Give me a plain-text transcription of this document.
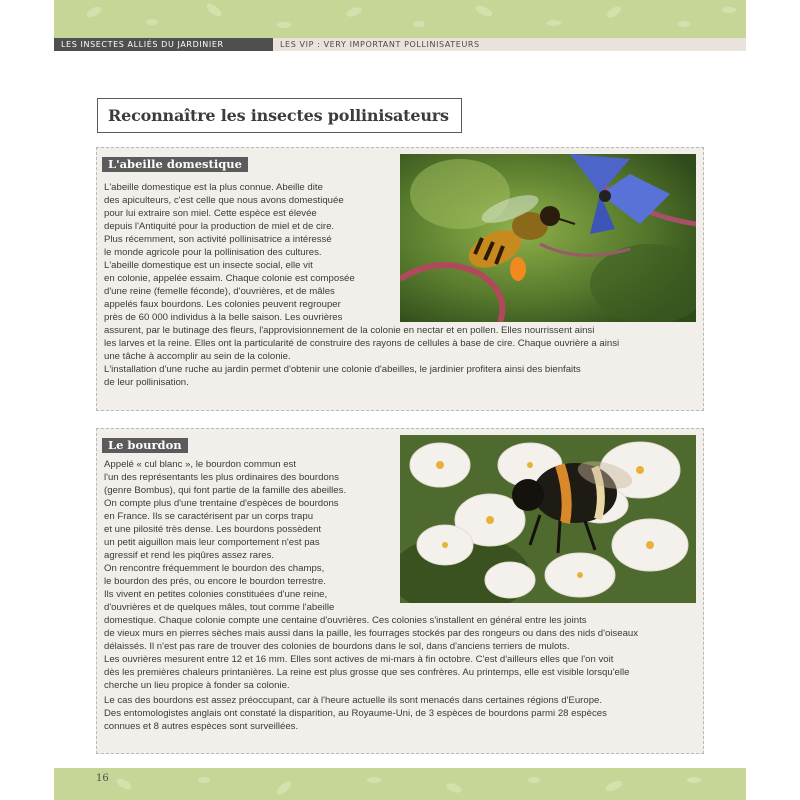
LES INSECTES ALLIÉS DU JARDINIER	LES VIP : VERY IMPORTANT POLLINISATEURS
Reconnaître les insectes pollinisateurs
L'abeille domestique
L'abeille domestique est la plus connue. Abeille dite
des apiculteurs, c'est celle que nous avons domestiquée
pour lui extraire son miel. Cette espèce est élevée
depuis l'Antiquité pour la production de miel et de cire.
Plus récemment, son activité pollinisatrice a intéressé
le monde agricole pour la pollinisation des cultures.
L'abeille domestique est un insecte social, elle vit
en colonie, appelée essaim. Chaque colonie est composée
d'une reine (femelle féconde), d'ouvrières, et de mâles
appelés faux bourdons. Les colonies peuvent regrouper
près de 60 000 individus à la belle saison. Les ouvrières
assurent, par le butinage des fleurs, l'approvisionnement de la colonie en nectar et en pollen. Elles nourrissent ainsi
les larves et la reine. Elles ont la particularité de construire des rayons de cellules à base de cire. Chaque ouvrière a ainsi
une tâche à accomplir au sein de la colonie.
L'installation d'une ruche au jardin permet d'obtenir une colonie d'abeilles, le jardinier profitera ainsi des bienfaits
de leur pollinisation.
Le bourdon
Appelé « cul blanc », le bourdon commun est
l'un des représentants les plus ordinaires des bourdons
(genre Bombus), qui font partie de la famille des abeilles.
On compte plus d'une trentaine d'espèces de bourdons
en France. Ils se caractérisent par un corps trapu
et une pilosité très dense. Les bourdons possèdent
un petit aiguillon mais leur comportement n'est pas
agressif et rend les piqûres assez rares.
On rencontre fréquemment le bourdon des champs,
le bourdon des prés, ou encore le bourdon terrestre.
Ils vivent en petites colonies constituées d'une reine,
d'ouvrières et de quelques mâles, tout comme l'abeille
domestique. Chaque colonie compte une centaine d'ouvrières. Ces colonies s'installent en général entre les joints
de vieux murs en pierres sèches mais aussi dans la paille, les fourrages stockés par des rongeurs ou dans des nids d'oiseaux
délaissés. Il n'est pas rare de trouver des colonies de bourdons dans le sol, dans d'anciens terriers de mulots.
Les ouvrières mesurent entre 12 et 16 mm. Elles sont actives de mi-mars à fin octobre. C'est d'ailleurs elles que l'on voit
dès les premières chaleurs printanières. La reine est plus grosse que ses confrères. Au printemps, elle est visible lorsqu'elle
cherche un lieu propice à fonder sa colonie.
Le cas des bourdons est assez préoccupant, car à l'heure actuelle ils sont menacés dans certaines régions d'Europe.
Des entomologistes anglais ont constaté la disparition, au Royaume-Uni, de 3 espèces de bourdons parmi 28 espèces
connues et 8 autres espèces sont surveillées.
16
